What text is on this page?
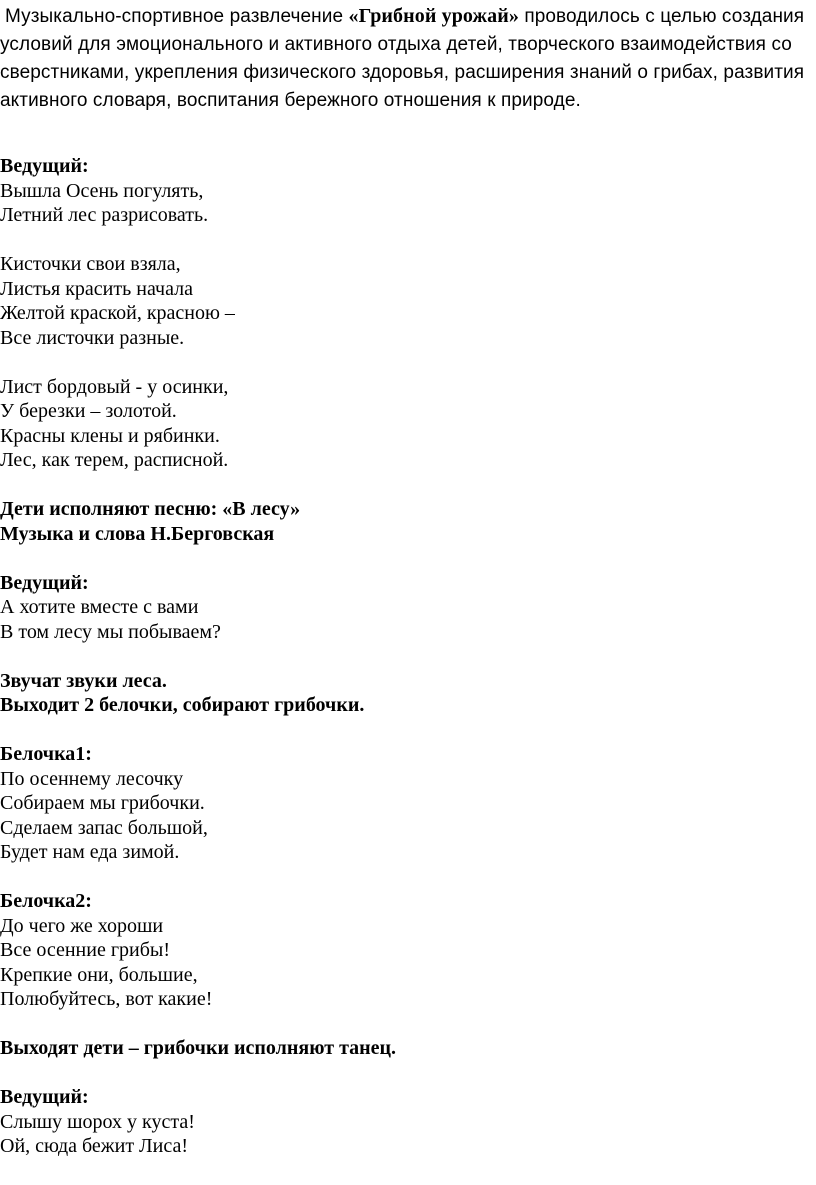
Музыкально-спортивное развлечение «Грибной урожай» проводилось с целью создания условий для эмоционального и активного отдыха детей, творческого взаимодействия со сверстниками, укрепления физического здоровья, расширения знаний о грибах, развития активного словаря, воспитания бережного отношения к природе.
Ведущий:
Вышла Осень погулять,
Летний лес разрисовать.
Кисточки свои взяла,
Листья красить начала
Желтой краской, красною –
Все листочки разные.
Лист бордовый - у осинки,
У березки – золотой.
Красны клены и рябинки.
Лес, как терем, расписной.
Дети исполняют песню: «В лесу»
Музыка и слова Н.Берговская
Ведущий:
А хотите вместе с вами
В том лесу мы побываем?
Звучат звуки леса.
Выходит 2 белочки, собирают грибочки.
Белочка1:
По осеннему лесочку
Собираем мы грибочки.
Сделаем запас большой,
Будет нам еда зимой.
Белочка2:
До чего же хороши
Все осенние грибы!
Крепкие они, большие,
Полюбуйтесь, вот какие!
Выходят дети – грибочки исполняют танец.
Ведущий:
Слышу шорох у куста!
Ой, сюда бежит Лиса!
